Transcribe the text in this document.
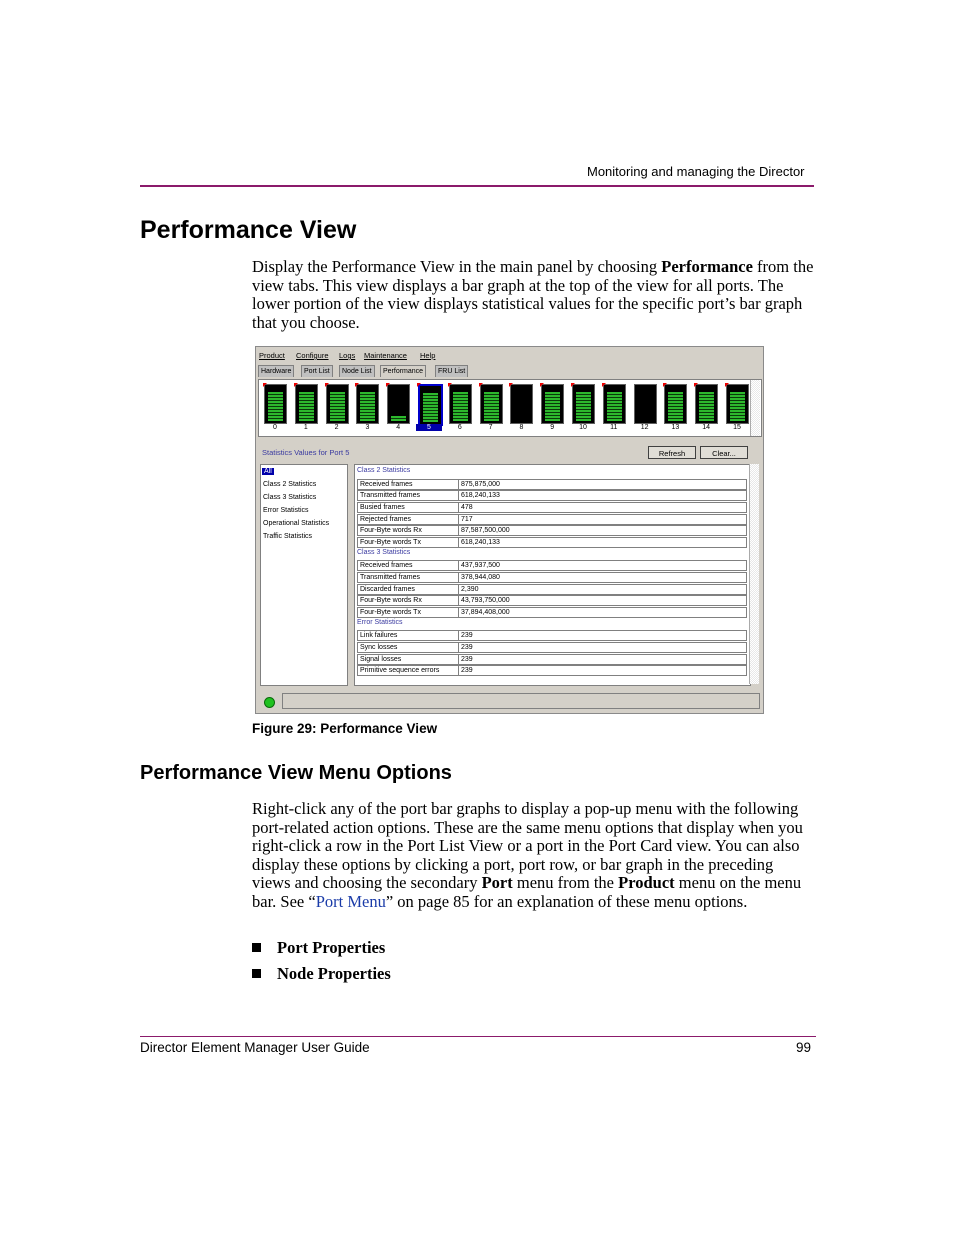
Monitoring and managing the Director
Performance View
Display the Performance View in the main panel by choosing Performance from the view tabs. This view displays a bar graph at the top of the view for all ports. The lower portion of the view displays statistical values for the specific port’s bar graph that you choose.
Product Configure Logs Maintenance Help
Hardware	Port List	Node List	Performance	FRU List
0	1	2	3	4	5	6	7	8	9	10	11	12	13	14	15
Statistics Values for Port 5	Refresh	Clear...
All
Class 2 Statistics
Class 3 Statistics
Error Statistics
Operational Statistics
Traffic Statistics
Class 2 Statistics
Received frames	875,875,000
Transmitted frames	618,240,133
Busied frames	478
Rejected frames	717
Four-Byte words Rx	87,587,500,000
Four-Byte words Tx	618,240,133
Class 3 Statistics
Received frames	437,937,500
Transmitted frames	378,944,080
Discarded frames	2,390
Four-Byte words Rx	43,793,750,000
Four-Byte words Tx	37,894,408,000
Error Statistics
Link failures	239
Sync losses	239
Signal losses	239
Primitive sequence errors	239
Figure 29: Performance View
Performance View Menu Options
Right-click any of the port bar graphs to display a pop-up menu with the following port-related action options. These are the same menu options that display when you right-click a row in the Port List View or a port in the Port Card view. You can also display these options by clicking a port, port row, or bar graph in the preceding views and choosing the secondary Port menu from the Product menu on the menu bar. See “Port Menu” on page 85 for an explanation of these menu options.
Port Properties
Node Properties
Director Element Manager User Guide	99
